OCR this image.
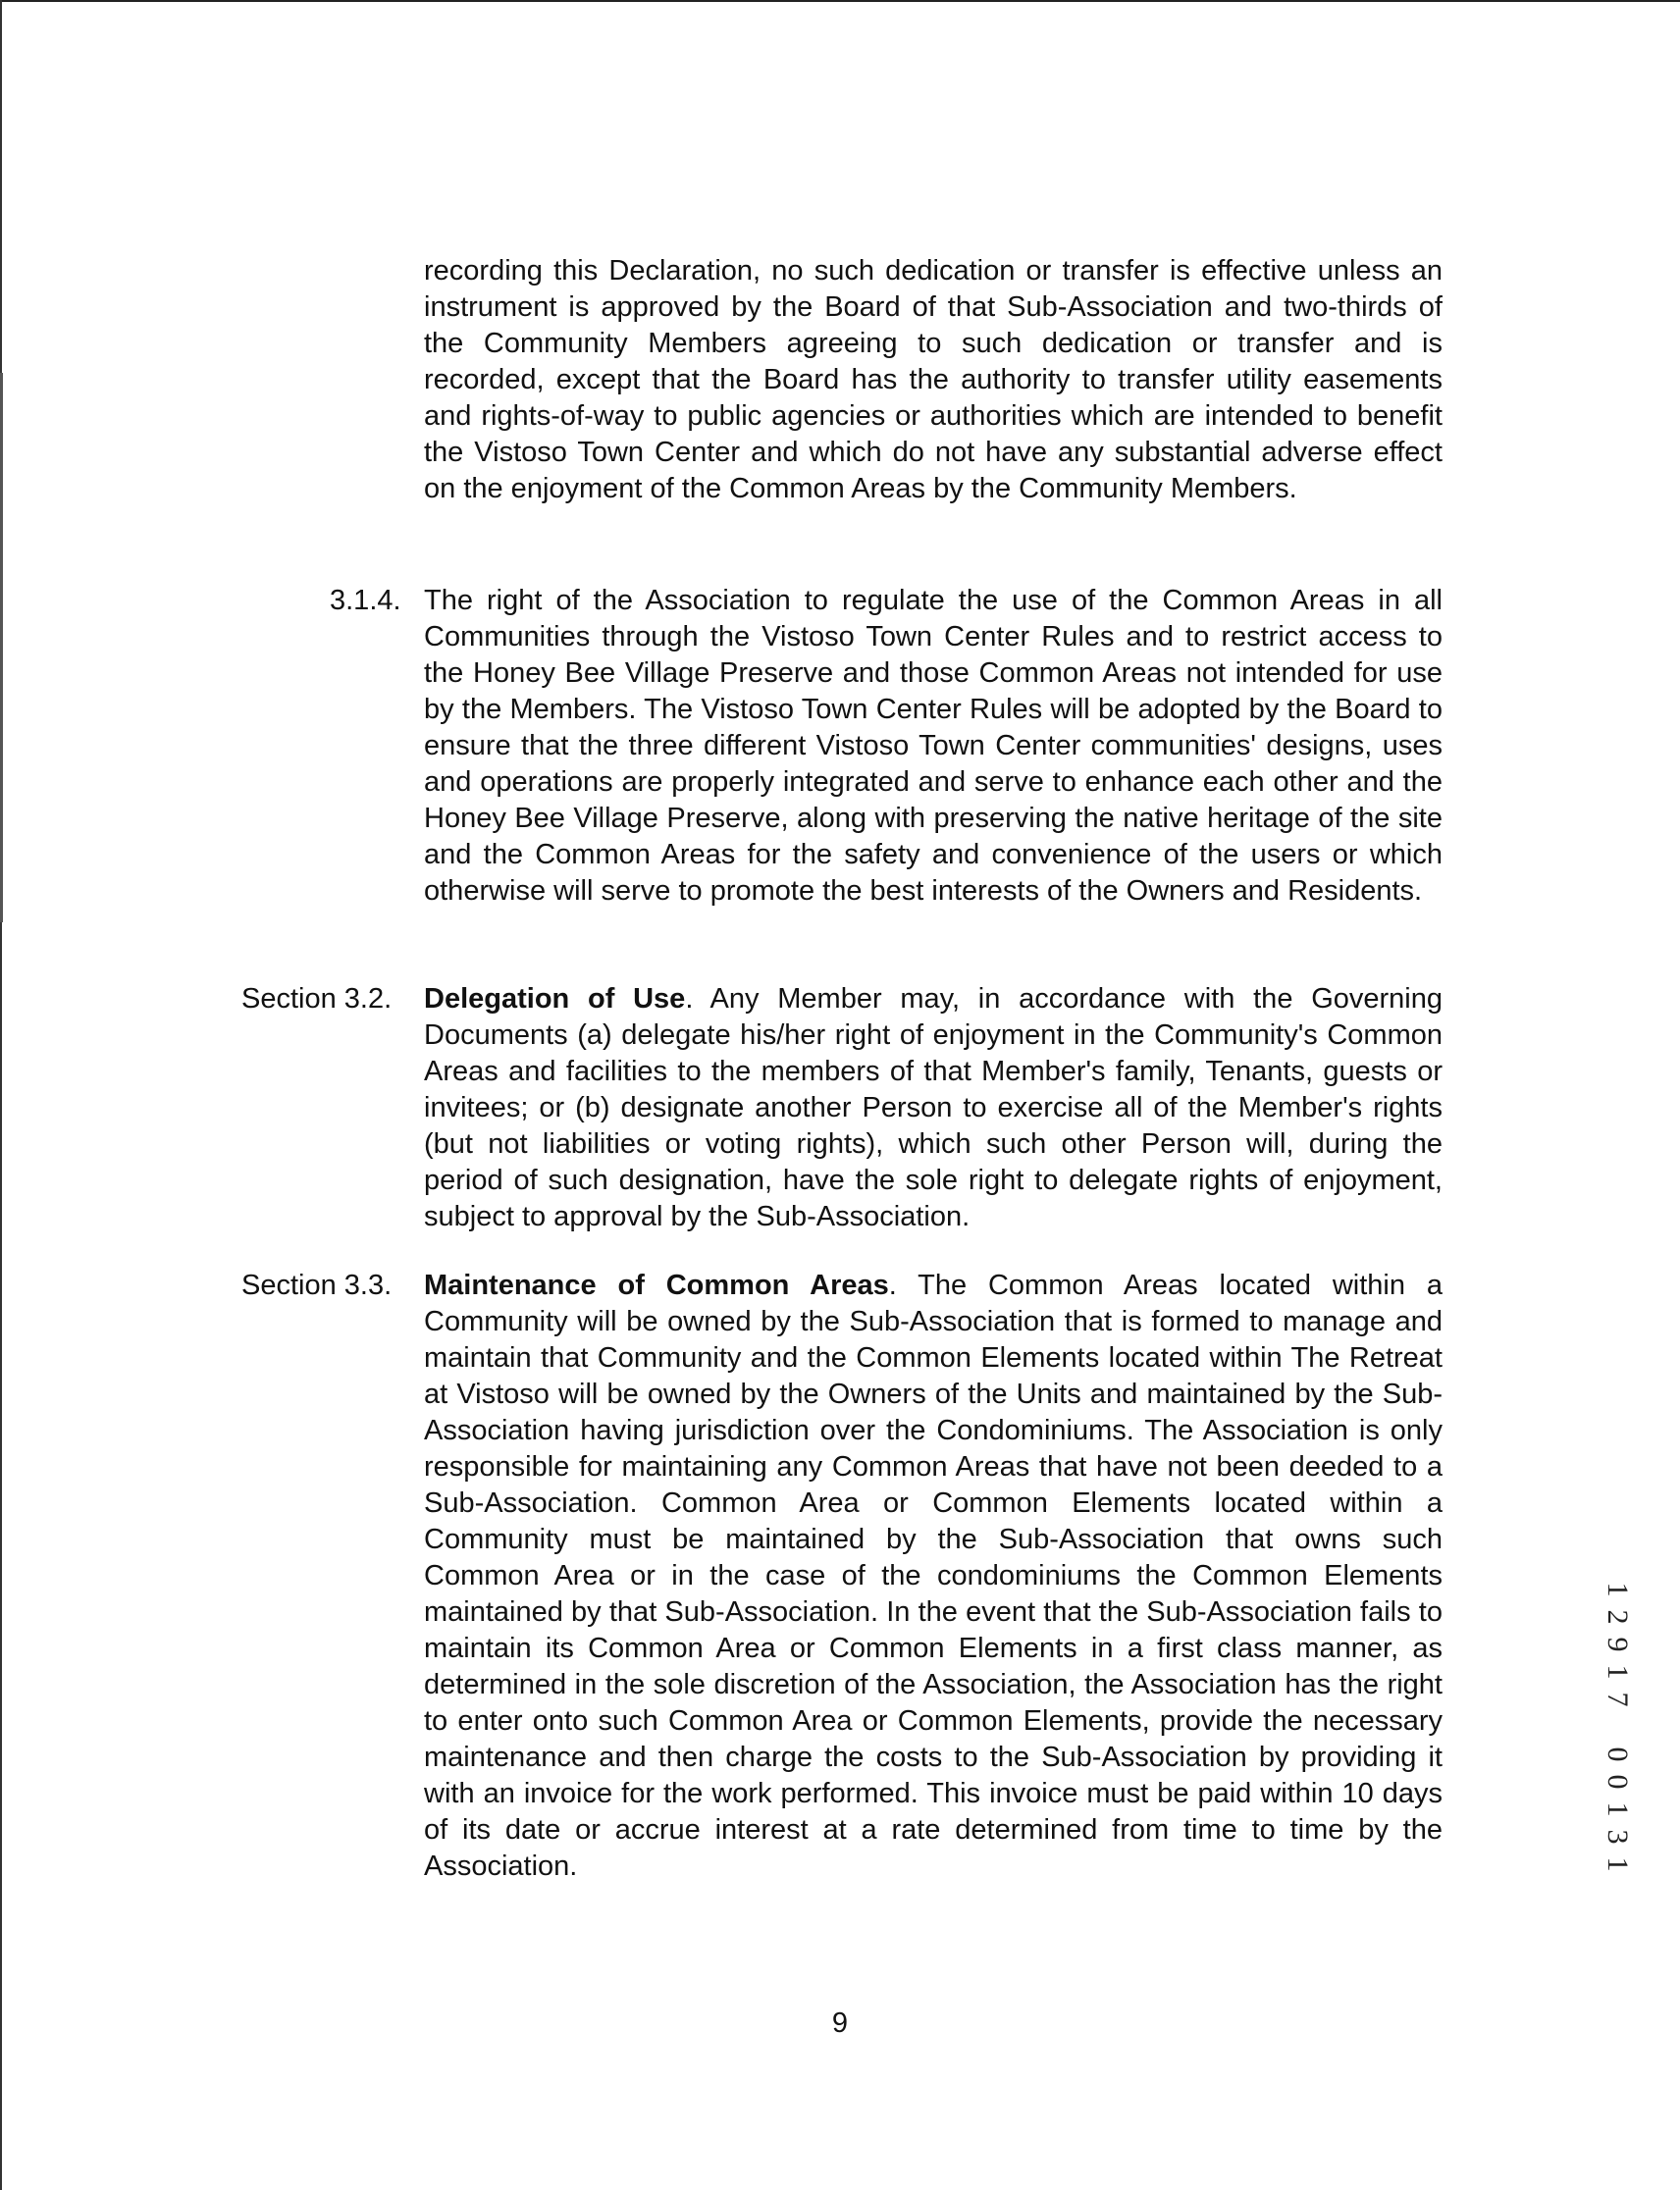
recording this Declaration, no such dedication or transfer is effective unless an instrument is approved by the Board of that Sub-Association and two-thirds of the Community Members agreeing to such dedication or transfer and is recorded, except that the Board has the authority to transfer utility easements and rights-of-way to public agencies or authorities which are intended to benefit the Vistoso Town Center and which do not have any substantial adverse effect on the enjoyment of the Common Areas by the Community Members.

3.1.4. The right of the Association to regulate the use of the Common Areas in all Communities through the Vistoso Town Center Rules and to restrict access to the Honey Bee Village Preserve and those Common Areas not intended for use by the Members. The Vistoso Town Center Rules will be adopted by the Board to ensure that the three different Vistoso Town Center communities' designs, uses and operations are properly integrated and serve to enhance each other and the Honey Bee Village Preserve, along with preserving the native heritage of the site and the Common Areas for the safety and convenience of the users or which otherwise will serve to promote the best interests of the Owners and Residents.

Section 3.2. Delegation of Use. Any Member may, in accordance with the Governing Documents (a) delegate his/her right of enjoyment in the Community's Common Areas and facilities to the members of that Member's family, Tenants, guests or invitees; or (b) designate another Person to exercise all of the Member's rights (but not liabilities or voting rights), which such other Person will, during the period of such designation, have the sole right to delegate rights of enjoyment, subject to approval by the Sub-Association.

Section 3.3. Maintenance of Common Areas. The Common Areas located within a Community will be owned by the Sub-Association that is formed to manage and maintain that Community and the Common Elements located within The Retreat at Vistoso will be owned by the Owners of the Units and maintained by the Sub-Association having jurisdiction over the Condominiums. The Association is only responsible for maintaining any Common Areas that have not been deeded to a Sub-Association. Common Area or Common Elements located within a Community must be maintained by the Sub-Association that owns such Common Area or in the case of the condominiums the Common Elements maintained by that Sub-Association. In the event that the Sub-Association fails to maintain its Common Area or Common Elements in a first class manner, as determined in the sole discretion of the Association, the Association has the right to enter onto such Common Area or Common Elements, provide the necessary maintenance and then charge the costs to the Sub-Association by providing it with an invoice for the work performed. This invoice must be paid within 10 days of its date or accrue interest at a rate determined from time to time by the Association.

9
1
2
9
1
7
0
0
1
3
1
